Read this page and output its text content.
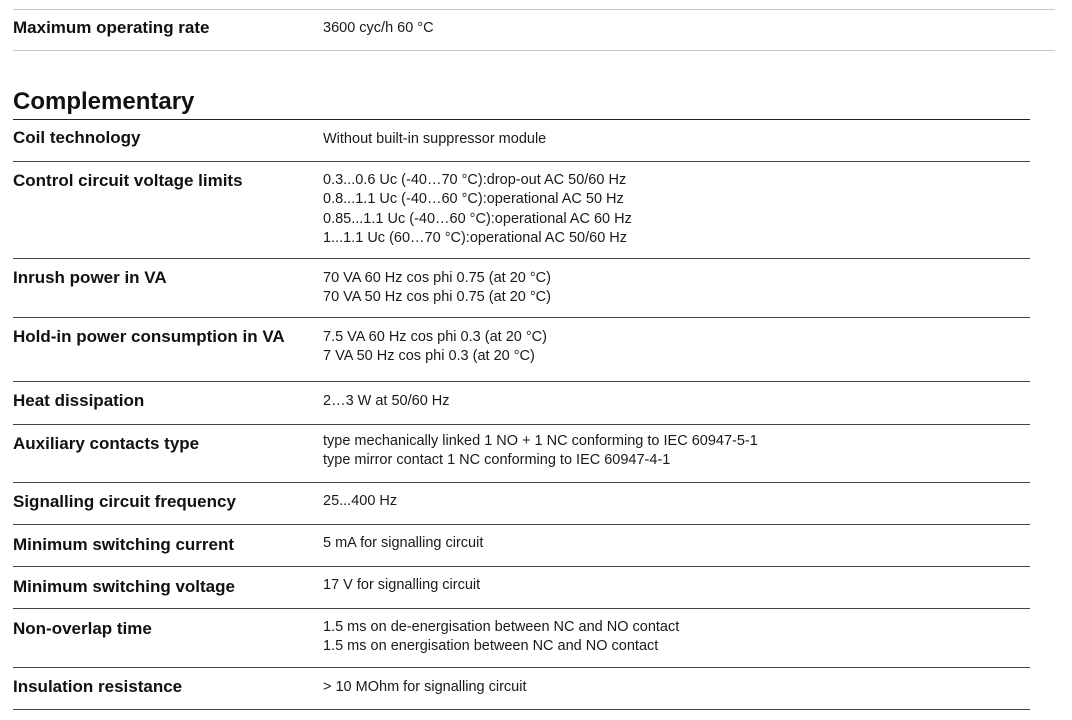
Maximum operating rate	3600 cyc/h 60 °C
Complementary
Coil technology	Without built-in suppressor module
Control circuit voltage limits	0.3...0.6 Uc (-40…70 °C):drop-out AC 50/60 Hz
0.8...1.1 Uc (-40…60 °C):operational AC 50 Hz
0.85...1.1 Uc (-40…60 °C):operational AC 60 Hz
1...1.1 Uc (60…70 °C):operational AC 50/60 Hz
Inrush power in VA	70 VA 60 Hz cos phi 0.75 (at 20 °C)
70 VA 50 Hz cos phi 0.75 (at 20 °C)
Hold-in power consumption in VA	7.5 VA 60 Hz cos phi 0.3 (at 20 °C)
7 VA 50 Hz cos phi 0.3 (at 20 °C)
Heat dissipation	2…3 W at 50/60 Hz
Auxiliary contacts type	type mechanically linked 1 NO + 1 NC conforming to IEC 60947-5-1
type mirror contact 1 NC conforming to IEC 60947-4-1
Signalling circuit frequency	25...400 Hz
Minimum switching current	5 mA for signalling circuit
Minimum switching voltage	17 V for signalling circuit
Non-overlap time	1.5 ms on de-energisation between NC and NO contact
1.5 ms on energisation between NC and NO contact
Insulation resistance	> 10 MOhm for signalling circuit
